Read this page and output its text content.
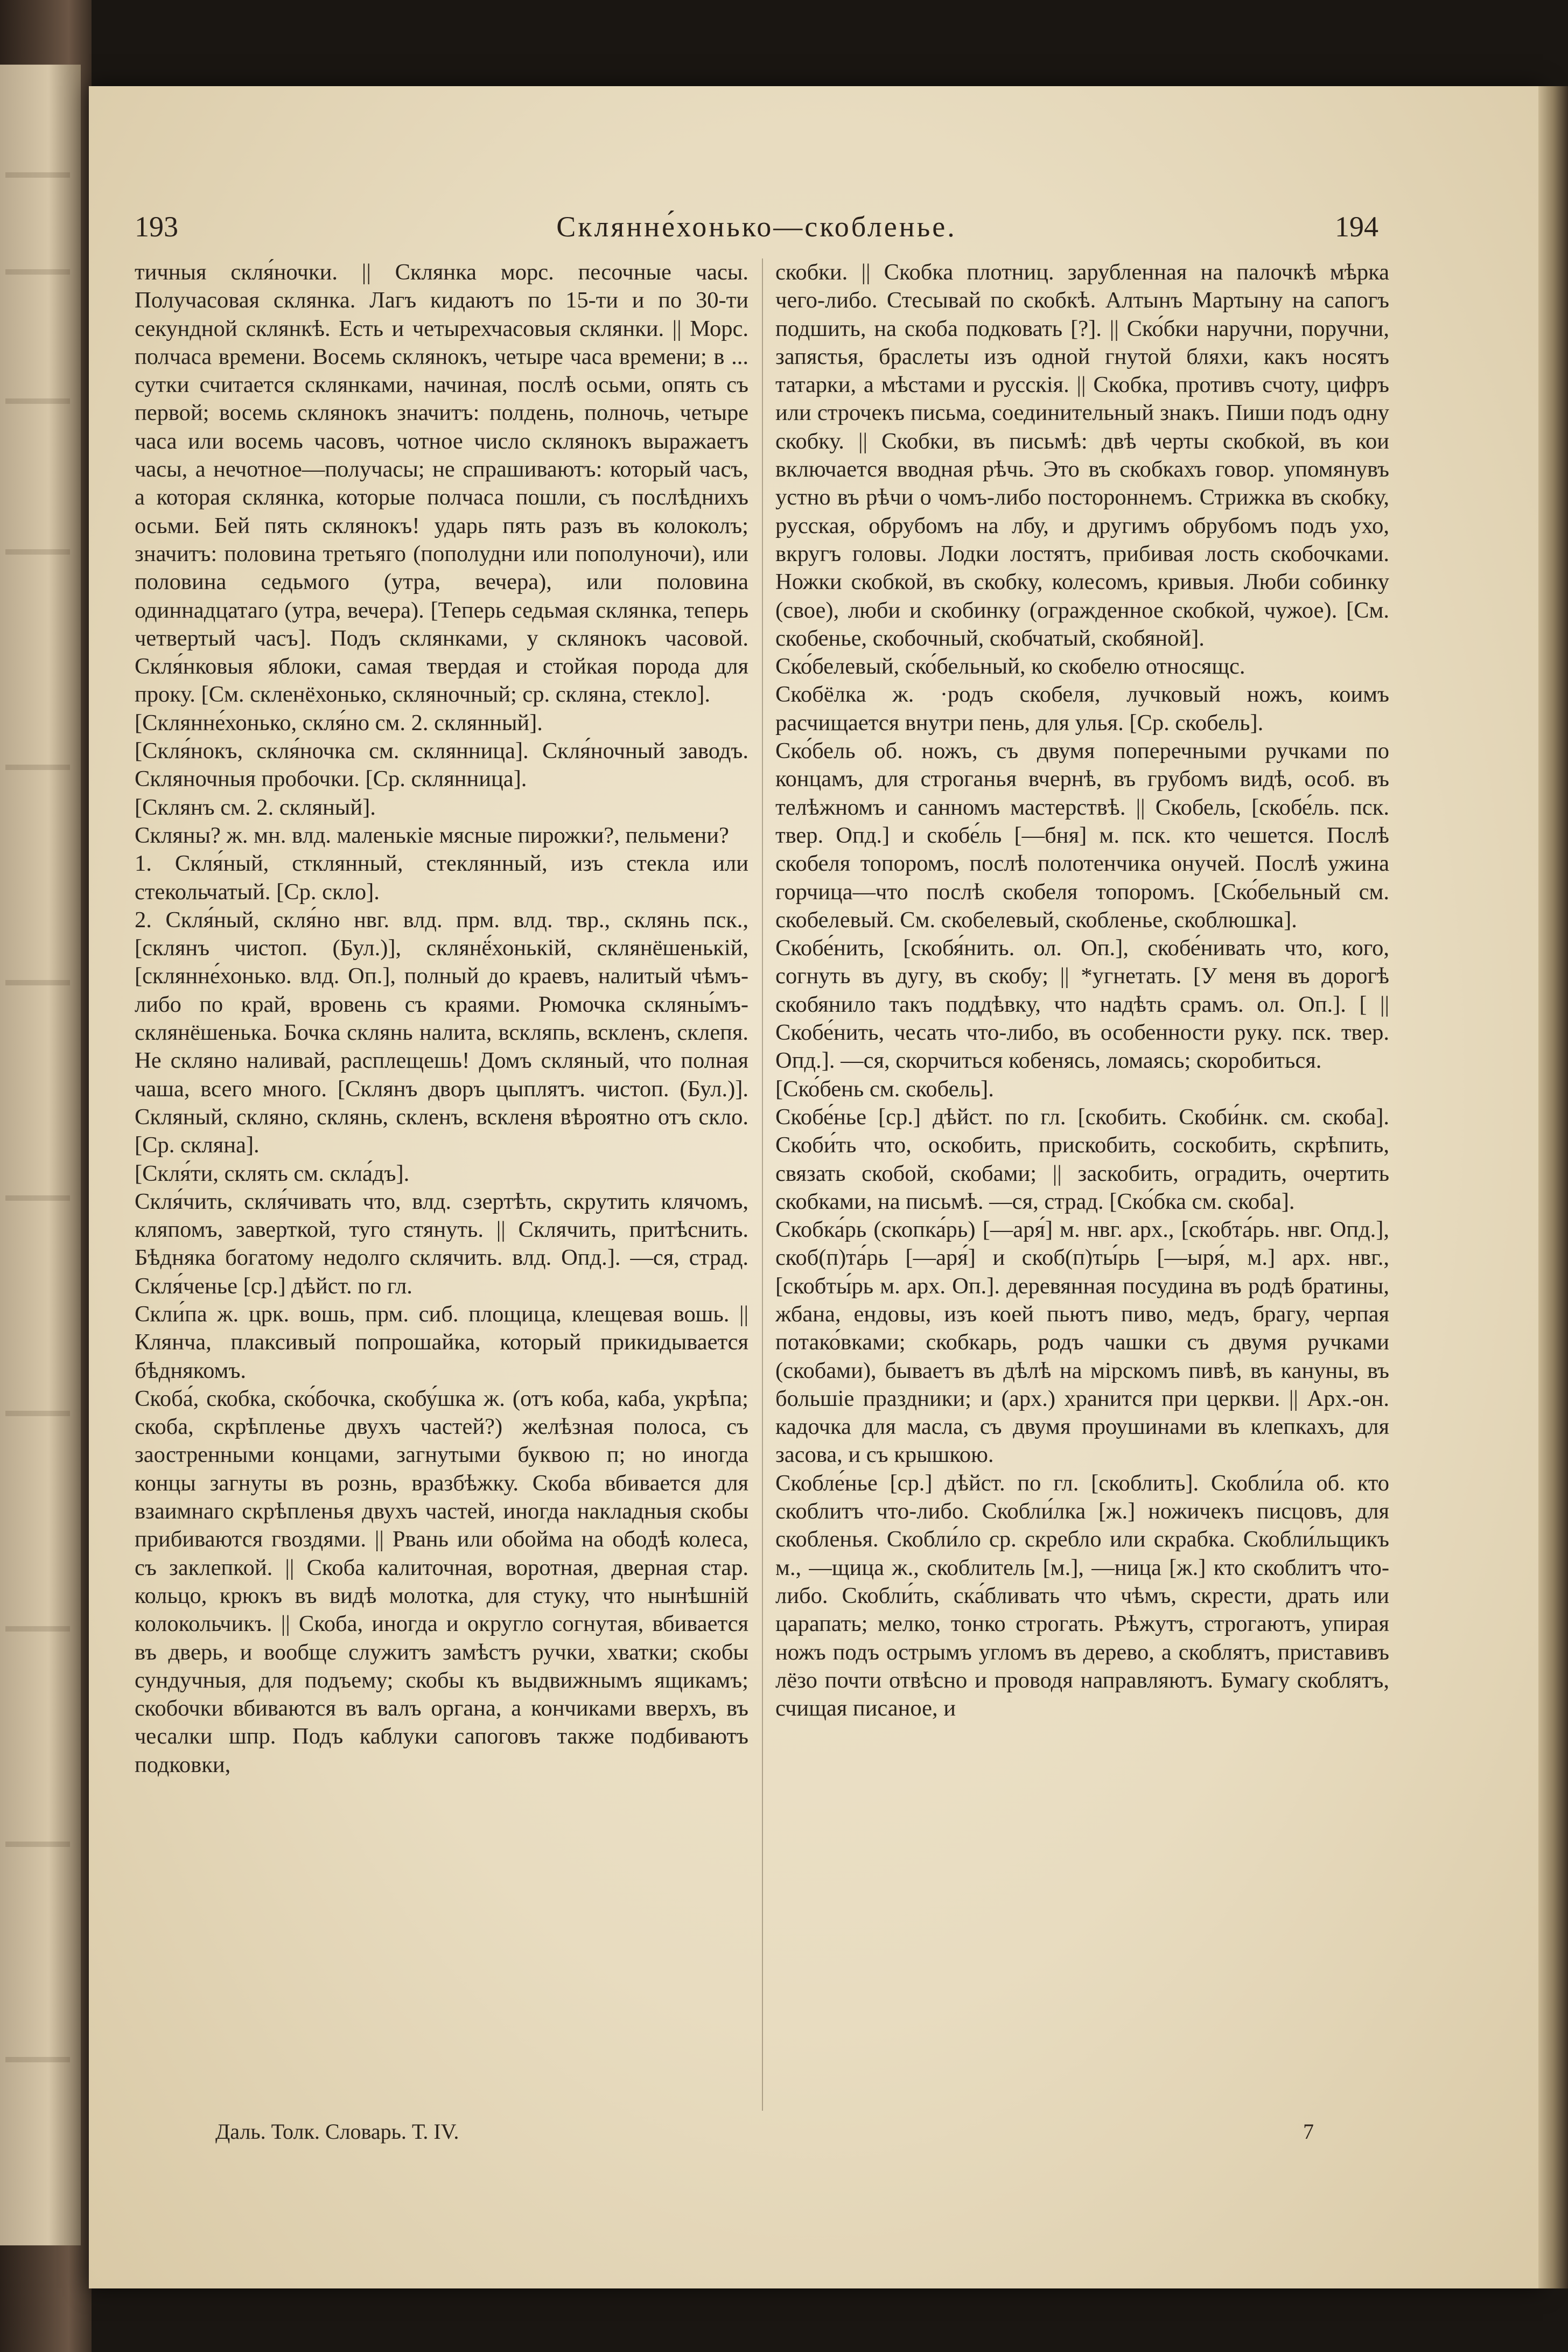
193	Склянне́хонько—скобленье.	194

тичныя скля́ночки. || Склянка морс. песочные часы. Получасовая склянка. Лагъ кидаютъ по 15-ти и по 30-ти секундной склянкѣ. Есть и четырехчасовыя склянки. || Морс. полчаса времени. Восемь склянокъ, четыре часа времени; в ... сутки считается склянками, начиная, послѣ осьми, опять съ первой; восемь склянокъ значитъ: полдень, полночь, четыре часа или восемь часовъ, чотное число склянокъ выражаетъ часы, а нечотное—получасы; не спрашиваютъ: который часъ, а которая склянка, которые полчаса пошли, съ послѣднихъ осьми. Бей пять склянокъ! ударь пять разъ въ колоколъ; значитъ: половина третьяго (пополудни или пополуночи), или половина седьмого (утра, вечера), или половина одиннадцатаго (утра, вечера). [Теперь седьмая склянка, теперь четвертый часъ]. Подъ склянками, у склянокъ часовой. Скля́нковыя яблоки, самая твердая и стойкая порода для проку. [См. скленёхонько, скляночный; ср. скляна, стекло].

[Склянне́хонько, скля́но см. 2. склянный].

[Скля́нокъ, скля́ночка см. склянница]. Скля́ночный заводъ. Скляночныя пробочки. [Ср. склянница].

[Склянъ см. 2. скляный].

Скляны? ж. мн. влд. маленькіе мясные пирожки?, пельмени?

1. Скля́ный, стклянный, стеклянный, изъ стекла или стекольчатый. [Ср. скло].

2. Скля́ный, скля́но нвг. влд. прм. влд. твр., склянь пск., [склянъ чистоп. (Бул.)], склянё́хонькій, склянёшенькій, [склянне́хонько. влд. Оп.], полный до краевъ, налитый чѣмъ-либо по край, вровень съ краями. Рюмочка скляны́мъ-склянёшенька. Бочка склянь налита, вскляпь, вскленъ, склепя. Не скляно наливай, расплещешь! Домъ скляный, что полная чаша, всего много. [Склянъ дворъ цыплятъ. чистоп. (Бул.)]. Скляный, скляно, склянь, скленъ, вскленя вѣроятно отъ скло. [Ср. скляна].

[Скля́ти, склять см. скла́дъ].

Скля́чить, скля́чивать что, влд. сзертѣть, скрутить клячомъ, кляпомъ, заверткой, туго стянуть. || Склячить, притѣснить. Бѣдняка богатому недолго склячить. влд. Опд.]. —ся, страд. Скля́ченье [ср.] дѣйст. по гл.

Скли́па ж. црк. вошь, прм. сиб. площица, клещевая вошь. || Клянча, плаксивый попрошайка, который прикидывается бѣднякомъ.

Скоба́, скобка, ско́бочка, скобу́шка ж. (отъ коба, каба, укрѣпа; скоба, скрѣпленье двухъ частей?) желѣзная полоса, съ заостренными концами, загнутыми буквою п; но иногда концы загнуты въ рознь, вразбѣжку. Скоба вбивается для взаимнаго скрѣпленья двухъ частей, иногда накладныя скобы прибиваются гвоздями. || Рвань или обойма на ободѣ колеса, съ заклепкой. || Скоба калиточная, воротная, дверная стар. кольцо, крюкъ въ видѣ молотка, для стуку, что нынѣшній колокольчикъ. || Скоба, иногда и округло согнутая, вбивается въ дверь, и вообще служитъ замѣстъ ручки, хватки; скобы сундучныя, для подъему; скобы къ выдвижнымъ ящикамъ; скобочки вбиваются въ валъ органа, а кончиками вверхъ, въ чесалки шпр. Подъ каблуки сапоговъ также подбиваютъ подковки,

скобки. || Скобка плотниц. зарубленная на палочкѣ мѣрка чего-либо. Стесывай по скобкѣ. Алтынъ Мартыну на сапогъ подшить, на скоба подковать [?]. || Ско́бки наручни, поручни, запястья, браслеты изъ одной гнутой бляхи, какъ носятъ татарки, а мѣстами и русскія. || Скобка, противъ счоту, цифръ или строчекъ письма, соединительный знакъ. Пиши подъ одну скобку. || Скобки, въ письмѣ: двѣ черты скобкой, въ кои включается вводная рѣчь. Это въ скобкахъ говор. упомянувъ устно въ рѣчи о чомъ-либо постороннемъ. Стрижка въ скобку, русская, обрубомъ на лбу, и другимъ обрубомъ подъ ухо, вкругъ головы. Лодки лостятъ, прибивая лость скобочками. Ножки скобкой, въ скобку, колесомъ, кривыя. Люби собинку (свое), люби и скобинку (огражденное скобкой, чужое). [См. скобенье, скобочный, скобчатый, скобяной].

Ско́белевый, ско́бельный, ко скобелю относящс.

Скобёлка ж. ·родъ скобеля, лучковый ножъ, коимъ расчищается внутри пень, для улья. [Ср. скобель].

Ско́бель об. ножъ, съ двумя поперечными ручками по концамъ, для строганья вчернѣ, въ грубомъ видѣ, особ. въ телѣжномъ и санномъ мастерствѣ. || Скобель, [скобе́ль. пск. твер. Опд.] и скобе́ль [—бня] м. пск. кто чешется. Послѣ скобеля топоромъ, послѣ полотенчика онучей. Послѣ ужина горчица—что послѣ скобеля топоромъ. [Ско́бельный см. скобелевый. См. скобелевый, скобленье, скоблюшка].

Скобе́нить, [скобя́нить. ол. Оп.], скобе́нивать что, кого, согнуть въ дугу, въ скобу; || *угнетать. [У меня въ дорогѣ скобянило такъ поддѣвку, что надѣть срамъ. ол. Оп.]. [ || Скобе́нить, чесать что-либо, въ особенности руку. пск. твер. Опд.]. —ся, скорчиться кобенясь, ломаясь; скоробиться.

[Ско́бень см. скобель].

Скобе́нье [ср.] дѣйст. по гл. [скобить. Скоби́нк. см. скоба]. Скоби́ть что, оскобить, прискобить, соскобить, скрѣпить, связать скобой, скобами; || заскобить, оградить, очертить скобками, на письмѣ. —ся, страд. [Ско́бка см. скоба].

Скобка́рь (скопка́рь) [—аря́] м. нвг. арх., [скобта́рь. нвг. Опд.], скоб(п)та́рь [—аря́] и скоб(п)ты́рь [—ыря́, м.] арх. нвг., [скобты́рь м. арх. Оп.]. деревянная посудина въ родѣ братины, жбана, ендовы, изъ коей пьютъ пиво, медъ, брагу, черпая потако́вками; скобкарь, родъ чашки съ двумя ручками (скобами), бываетъ въ дѣлѣ на мірскомъ пивѣ, въ кануны, въ большіе праздники; и (арх.) хранится при церкви. || Арх.-он. кадочка для масла, съ двумя проушинами въ клепкахъ, для засова, и съ крышкою.

Скобле́нье [ср.] дѣйст. по гл. [скоблить]. Скобли́ла об. кто скоблитъ что-либо. Скобли́лка [ж.] ножичекъ писцовъ, для скобленья. Скобли́ло ср. скребло или скрабка. Скобли́льщикъ м., —щица ж., скоблитель [м.], —ница [ж.] кто скоблитъ что-либо. Скобли́ть, ска́бливать что чѣмъ, скрести, драть или царапать; мелко, тонко строгать. Рѣжутъ, строгаютъ, упирая ножъ подъ острымъ угломъ въ дерево, а скоблятъ, приставивъ лёзо почти отвѣсно и проводя направляютъ. Бумагу скоблятъ, счищая писаное, и

Даль. Толк. Словарь. Т. IV.	7
